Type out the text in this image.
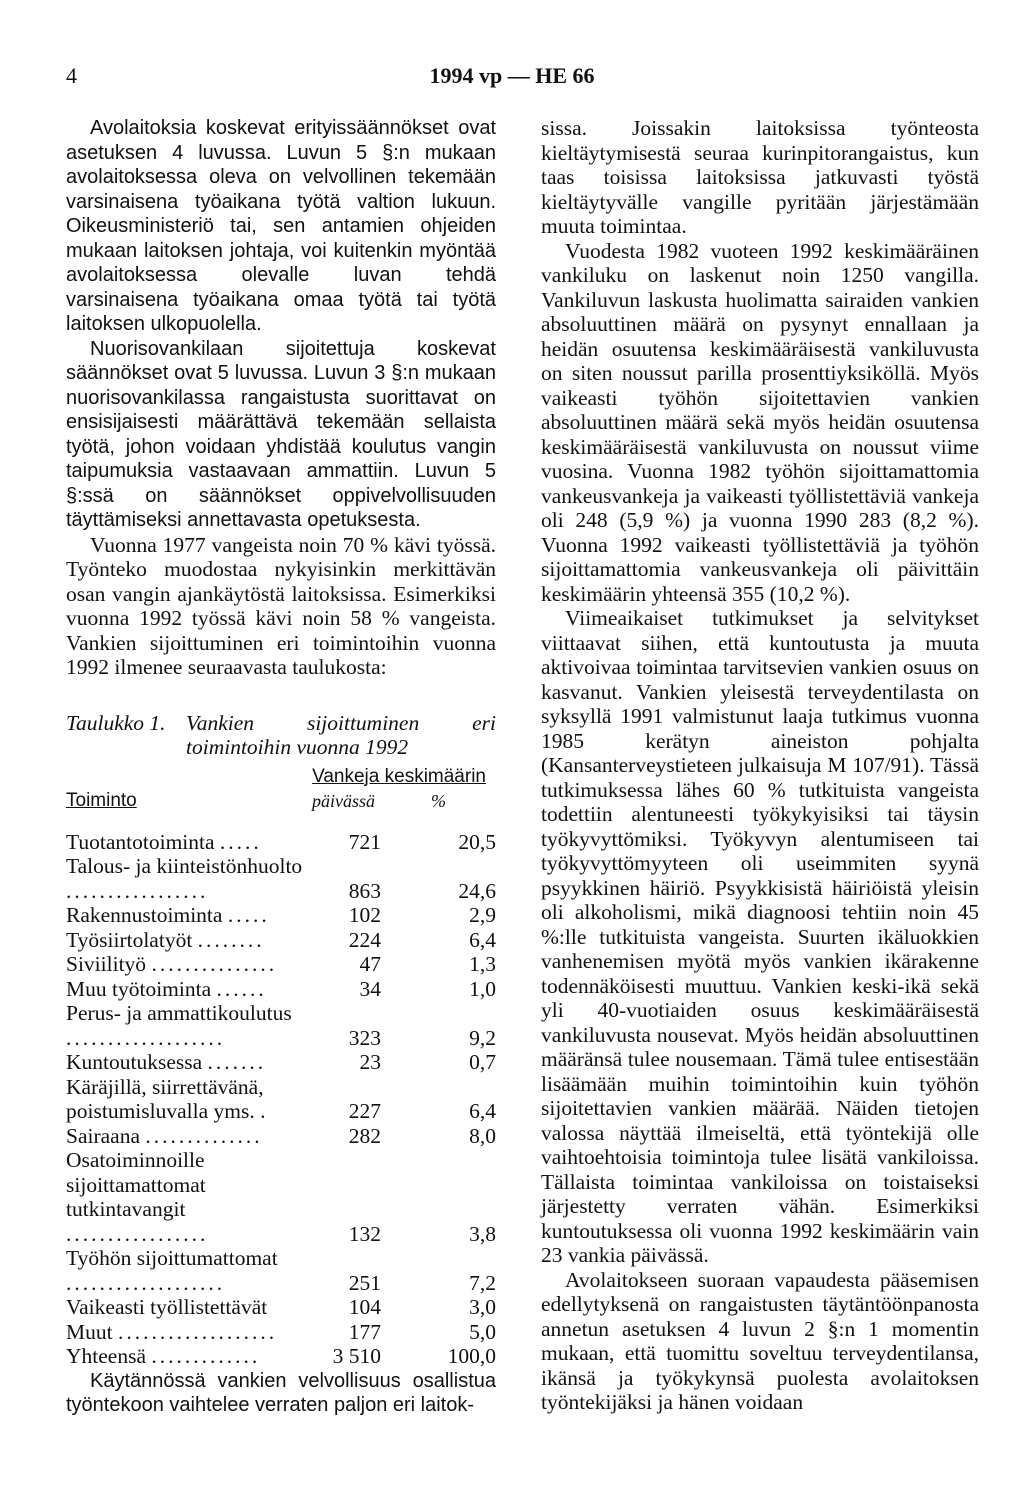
4	1994 vp — HE 66

Avolaitoksia koskevat erityissäännökset ovat asetuksen 4 luvussa. Luvun 5 §:n mukaan avolaitoksessa oleva on velvollinen tekemään varsinaisena työaikana työtä valtion lukuun. Oikeusministeriö tai, sen antamien ohjeiden mukaan laitoksen johtaja, voi kuitenkin myöntää avolaitoksessa olevalle luvan tehdä varsinaisena työaikana omaa työtä tai työtä laitoksen ulkopuolella.

Nuorisovankilaan sijoitettuja koskevat säännökset ovat 5 luvussa. Luvun 3 §:n mukaan nuorisovankilassa rangaistusta suorittavat on ensisijaisesti määrättävä tekemään sellaista työtä, johon voidaan yhdistää koulutus vangin taipumuksia vastaavaan ammattiin. Luvun 5 §:ssä on säännökset oppivelvollisuuden täyttämiseksi annettavasta opetuksesta.

Vuonna 1977 vangeista noin 70 % kävi työssä. Työnteko muodostaa nykyisinkin merkittävän osan vangin ajankäytöstä laitoksissa. Esimerkiksi vuonna 1992 työssä kävi noin 58 % vangeista. Vankien sijoittuminen eri toimintoihin vuonna 1992 ilmenee seuraavasta taulukosta:

Taulukko 1. Vankien sijoittuminen eri toimintoihin vuonna 1992
	Vankeja keskimäärin	
Toiminto	päivässä	%

Tuotantotoiminta .....	721	20,5
Talous- ja kiinteistönhuolto .................	863	24,6
Rakennustoiminta .....	102	2,9
Työsiirtolatyöt ........	224	6,4
Siviilityö ...............	47	1,3
Muu työtoiminta ......	34	1,0
Perus- ja ammattikoulutus ...................	323	9,2
Kuntoutuksessa .......	23	0,7
Käräjillä, siirrettävänä, poistumisluvalla yms. .	227	6,4
Sairaana ..............	282	8,0
Osatoiminnoille sijoittamattomat tutkintavangit .................	132	3,8
Työhön sijoittumattomat ...................	251	7,2
Vaikeasti työllistettävät	104	3,0
Muut ...................	177	5,0
Yhteensä .............	3 510	100,0

Käytännössä vankien velvollisuus osallistua työntekoon vaihtelee verraten paljon eri laitok-

sissa. Joissakin laitoksissa työnteosta kieltäytymisestä seuraa kurinpitorangaistus, kun taas toisissa laitoksissa jatkuvasti työstä kieltäytyvälle vangille pyritään järjestämään muuta toimintaa.

Vuodesta 1982 vuoteen 1992 keskimääräinen vankiluku on laskenut noin 1250 vangilla. Vankiluvun laskusta huolimatta sairaiden vankien absoluuttinen määrä on pysynyt ennallaan ja heidän osuutensa keskimääräisestä vankiluvusta on siten noussut parilla prosenttiyksiköllä. Myös vaikeasti työhön sijoitettavien vankien absoluuttinen määrä sekä myös heidän osuutensa keskimääräisestä vankiluvusta on noussut viime vuosina. Vuonna 1982 työhön sijoittamattomia vankeusvankeja ja vaikeasti työllistettäviä vankeja oli 248 (5,9 %) ja vuonna 1990 283 (8,2 %). Vuonna 1992 vaikeasti työllistettäviä ja työhön sijoittamattomia vankeusvankeja oli päivittäin keskimäärin yhteensä 355 (10,2 %).

Viimeaikaiset tutkimukset ja selvitykset viittaavat siihen, että kuntoutusta ja muuta aktivoivaa toimintaa tarvitsevien vankien osuus on kasvanut. Vankien yleisestä terveydentilasta on syksyllä 1991 valmistunut laaja tutkimus vuonna 1985 kerätyn aineiston pohjalta (Kansanterveystieteen julkaisuja M 107/91). Tässä tutkimuksessa lähes 60 % tutkituista vangeista todettiin alentuneesti työkykyisiksi tai täysin työkyvyttömiksi. Työkyvyn alentumiseen tai työkyvyttömyyteen oli useimmiten syynä psyykkinen häiriö. Psyykkisistä häiriöistä yleisin oli alkoholismi, mikä diagnoosi tehtiin noin 45 %:lle tutkituista vangeista. Suurten ikäluokkien vanhenemisen myötä myös vankien ikärakenne todennäköisesti muuttuu. Vankien keski-ikä sekä yli 40-vuotiaiden osuus keskimääräisestä vankiluvusta nousevat. Myös heidän absoluuttinen määränsä tulee nousemaan. Tämä tulee entisestään lisäämään muihin toimintoihin kuin työhön sijoitettavien vankien määrää. Näiden tietojen valossa näyttää ilmeiseltä, että työntekijä olle vaihtoehtoisia toimintoja tulee lisätä vankiloissa. Tällaista toimintaa vankiloissa on toistaiseksi järjestetty verraten vähän. Esimerkiksi kuntoutuksessa oli vuonna 1992 keskimäärin vain 23 vankia päivässä.

Avolaitokseen suoraan vapaudesta pääsemisen edellytyksenä on rangaistusten täytäntöönpanosta annetun asetuksen 4 luvun 2 §:n 1 momentin mukaan, että tuomittu soveltuu terveydentilansa, ikänsä ja työkykynsä puolesta avolaitoksen työntekijäksi ja hänen voidaan
